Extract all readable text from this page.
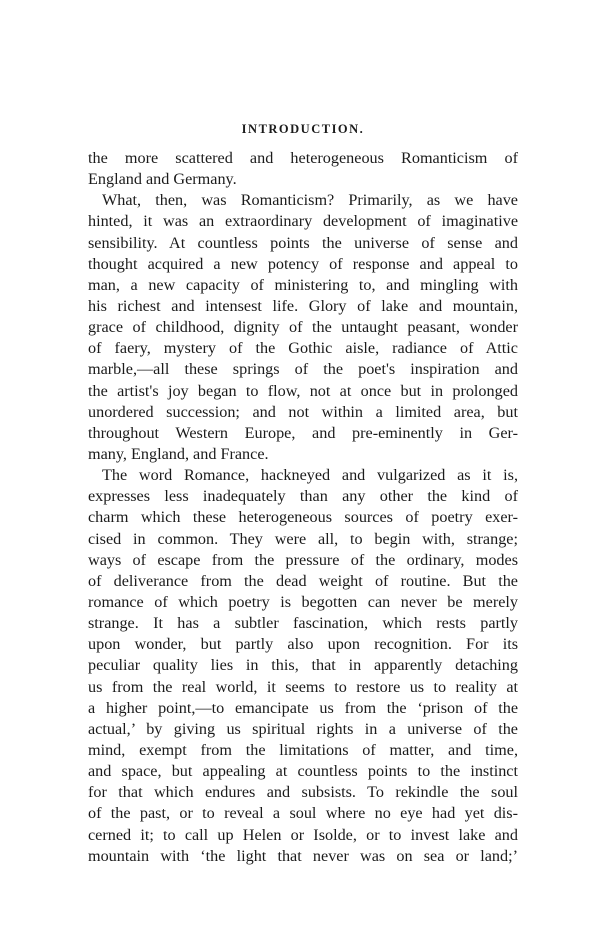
INTRODUCTION.
the more scattered and heterogeneous Romanticism of
England and Germany.
What, then, was Romanticism? Primarily, as we have
hinted, it was an extraordinary development of imaginative
sensibility. At countless points the universe of sense and
thought acquired a new potency of response and appeal to
man, a new capacity of ministering to, and mingling with
his richest and intensest life. Glory of lake and mountain,
grace of childhood, dignity of the untaught peasant, wonder
of faery, mystery of the Gothic aisle, radiance of Attic
marble,—all these springs of the poet's inspiration and
the artist's joy began to flow, not at once but in prolonged
unordered succession; and not within a limited area, but
throughout Western Europe, and pre-eminently in Ger-
many, England, and France.
The word Romance, hackneyed and vulgarized as it is,
expresses less inadequately than any other the kind of
charm which these heterogeneous sources of poetry exer-
cised in common. They were all, to begin with, strange;
ways of escape from the pressure of the ordinary, modes
of deliverance from the dead weight of routine. But the
romance of which poetry is begotten can never be merely
strange. It has a subtler fascination, which rests partly
upon wonder, but partly also upon recognition. For its
peculiar quality lies in this, that in apparently detaching
us from the real world, it seems to restore us to reality at
a higher point,—to emancipate us from the ‘prison of the
actual,’ by giving us spiritual rights in a universe of the
mind, exempt from the limitations of matter, and time,
and space, but appealing at countless points to the instinct
for that which endures and subsists. To rekindle the soul
of the past, or to reveal a soul where no eye had yet dis-
cerned it; to call up Helen or Isolde, or to invest lake and
mountain with ‘the light that never was on sea or land;’
